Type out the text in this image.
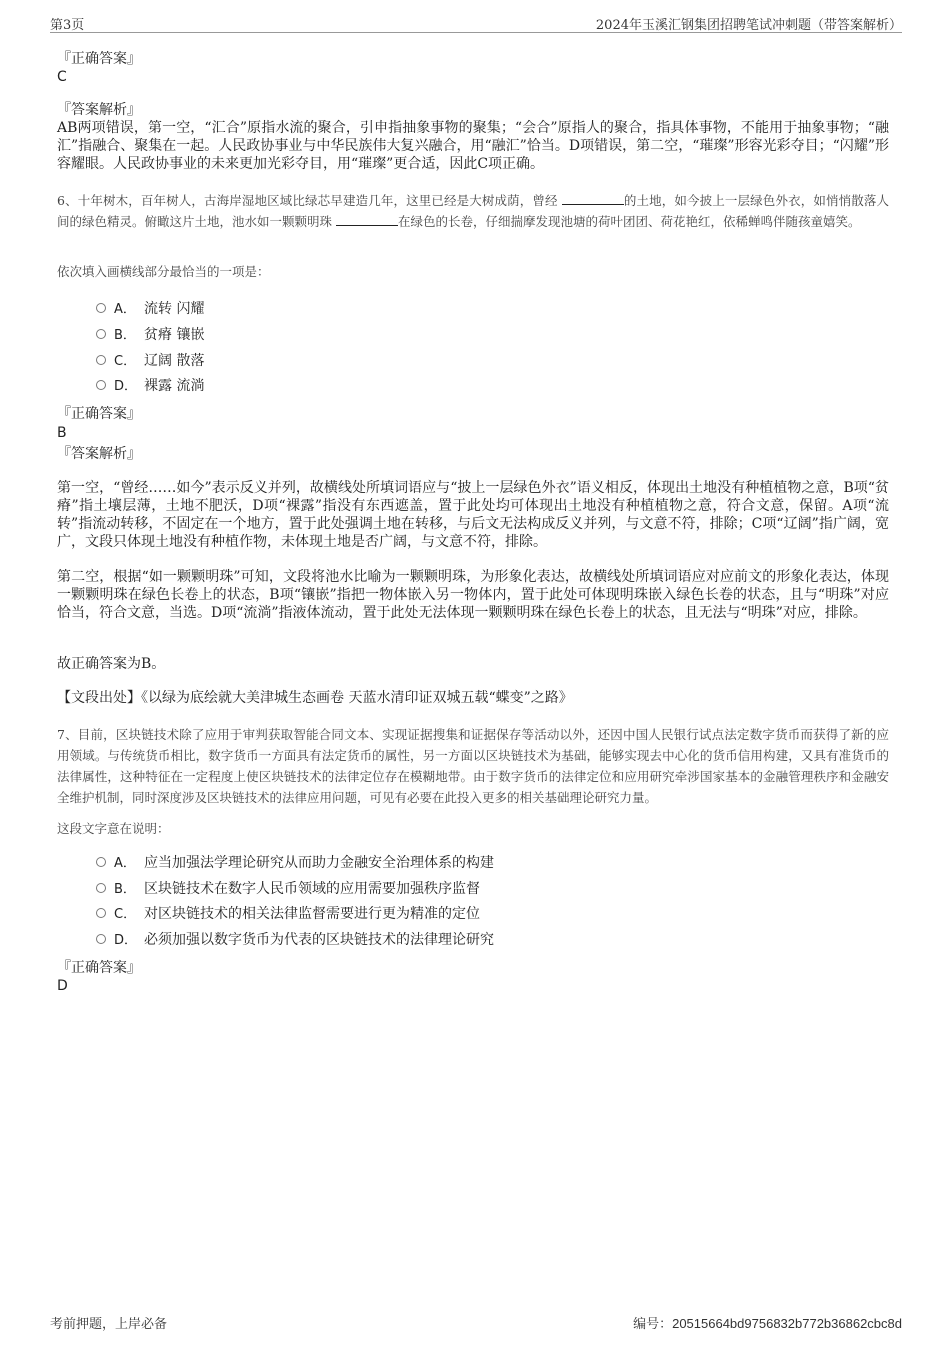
第3页	2024年玉溪汇钢集团招聘笔试冲刺题（带答案解析）
『正确答案』
C
『答案解析』

AB两项错误，第一空，“汇合”原指水流的聚合，引申指抽象事物的聚集；“会合”原指人的聚合，指具体事物，不能用于抽象事物；“融汇”指融合、聚集在一起。人民政协事业与中华民族伟大复兴融合，用“融汇”恰当。D项错误，第二空，“璀璨”形容光彩夺目；“闪耀”形容耀眼。人民政协事业的未来更加光彩夺目，用“璀璨”更合适，因此C项正确。

6、十年树木，百年树人，古海岸湿地区域比绿芯早建造几年，这里已经是大树成荫，曾经	的土地，如今披上一层绿色外衣，如悄悄散落人间的绿色精灵。俯瞰这片土地，池水如一颗颗明珠	在绿色的长卷，仔细揣摩发现池塘的荷叶团团、荷花艳红，依稀蝉鸣伴随孩童嬉笑。

依次填入画横线部分最恰当的一项是：

A． 流转 闪耀
B． 贫瘠 镶嵌
C． 辽阔 散落
D． 裸露 流淌
『正确答案』
B
『答案解析』

第一空，“曾经……如今”表示反义并列，故横线处所填词语应与“披上一层绿色外衣”语义相反，体现出土地没有种植植物之意，B项“贫瘠”指土壤层薄，土地不肥沃，D项“裸露”指没有东西遮盖，置于此处均可体现出土地没有种植植物之意，符合文意，保留。A项“流转”指流动转移，不固定在一个地方，置于此处强调土地在转移，与后文无法构成反义并列，与文意不符，排除；C项“辽阔”指广阔，宽广，文段只体现土地没有种植作物，未体现土地是否广阔，与文意不符，排除。

第二空，根据“如一颗颗明珠”可知，文段将池水比喻为一颗颗明珠，为形象化表达，故横线处所填词语应对应前文的形象化表达，体现一颗颗明珠在绿色长卷上的状态，B项“镶嵌”指把一物体嵌入另一物体内，置于此处可体现明珠嵌入绿色长卷的状态，且与“明珠”对应恰当，符合文意，当选。D项“流淌”指液体流动，置于此处无法体现一颗颗明珠在绿色长卷上的状态，且无法与“明珠”对应，排除。

故正确答案为B。

【文段出处】《以绿为底绘就大美津城生态画卷 天蓝水清印证双城五载“蝶变”之路》

7、目前，区块链技术除了应用于审判获取智能合同文本、实现证据搜集和证据保存等活动以外，还因中国人民银行试点法定数字货币而获得了新的应用领域。与传统货币相比，数字货币一方面具有法定货币的属性，另一方面以区块链技术为基础，能够实现去中心化的货币信用构建，又具有准货币的法律属性，这种特征在一定程度上使区块链技术的法律定位存在模糊地带。由于数字货币的法律定位和应用研究牵涉国家基本的金融管理秩序和金融安全维护机制，同时深度涉及区块链技术的法律应用问题，可见有必要在此投入更多的相关基础理论研究力量。

这段文字意在说明：

A． 应当加强法学理论研究从而助力金融安全治理体系的构建
B． 区块链技术在数字人民币领域的应用需要加强秩序监督
C． 对区块链技术的相关法律监督需要进行更为精准的定位
D． 必须加强以数字货币为代表的区块链技术的法律理论研究
『正确答案』
D
考前押题，上岸必备	编号：20515664bd9756832b772b36862cbc8d
